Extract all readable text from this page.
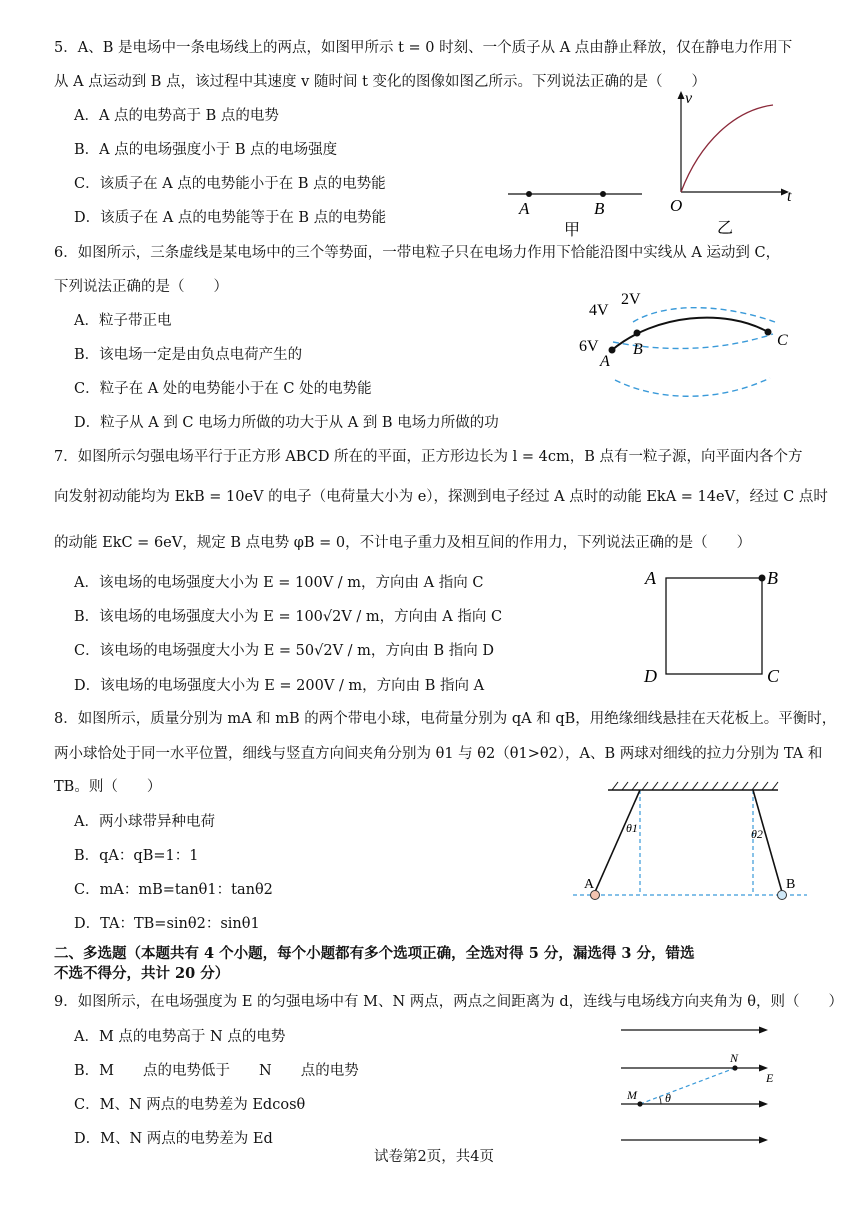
5．A、B 是电场中一条电场线上的两点，如图甲所示 t = 0 时刻、一个质子从 A 点由静止释放，仅在静电力作用下
从 A 点运动到 B 点，该过程中其速度 v 随时间 t 变化的图像如图乙所示。下列说法正确的是（　　）
A．A 点的电势高于 B 点的电势
B．A 点的电场强度小于 B 点的电场强度
C．该质子在 A 点的电势能小于在 B 点的电势能
D．该质子在 A 点的电势能等于在 B 点的电势能	A	B
甲
v
t
O
乙
6．如图所示，三条虚线是某电场中的三个等势面，一带电粒子只在电场力作用下恰能沿图中实线从 A 运动到 C，
下列说法正确的是（　　）
A．粒子带正电
B．该电场一定是由负点电荷产生的
C．粒子在 A 处的电势能小于在 C 处的电势能
D．粒子从 A 到 C 电场力所做的功大于从 A 到 B 电场力所做的功
4V
2V
6V
A
B
C
7．如图所示匀强电场平行于正方形 ABCD 所在的平面，正方形边长为 l = 4cm，B 点有一粒子源，向平面内各个方
向发射初动能均为 EkB = 10eV 的电子（电荷量大小为 e），探测到电子经过 A 点时的动能 EkA = 14eV，经过 C 点时
的动能 EkC = 6eV，规定 B 点电势 φB = 0，不计电子重力及相互间的作用力，下列说法正确的是（　　）
A．该电场的电场强度大小为 E = 100V / m，方向由 A 指向 C
B．该电场的电场强度大小为 E = 100√2V / m，方向由 A 指向 C
C．该电场的电场强度大小为 E = 50√2V / m，方向由 B 指向 D
D．该电场的电场强度大小为 E = 200V / m，方向由 B 指向 A
A	B
C
D
8．如图所示，质量分别为 mA 和 mB 的两个带电小球，电荷量分别为 qA 和 qB，用绝缘细线悬挂在天花板上。平衡时，
两小球恰处于同一水平位置，细线与竖直方向间夹角分别为 θ1 与 θ2（θ1>θ2），A、B 两球对细线的拉力分别为 TA 和
TB。则（　　）
A．两小球带异种电荷
B．qA：qB=1：1
C．mA：mB=tanθ1：tanθ2
D．TA：TB=sinθ2：sinθ1
θ1	θ2
A	B
二、多选题（本题共有 4 个小题，每个小题都有多个选项正确，全选对得 5 分，漏选得 3 分，错选
不选不得分，共计 20 分）
9．如图所示，在电场强度为 E 的匀强电场中有 M、N 两点，两点之间距离为 d，连线与电场线方向夹角为 θ，则（　　）
A．M 点的电势高于 N 点的电势
B．M　　点的电势低于　　N　　点的电势
C．M、N 两点的电势差为 Edcosθ
D．M、N 两点的电势差为 Ed
N
E
M θ
试卷第2页，共4页
